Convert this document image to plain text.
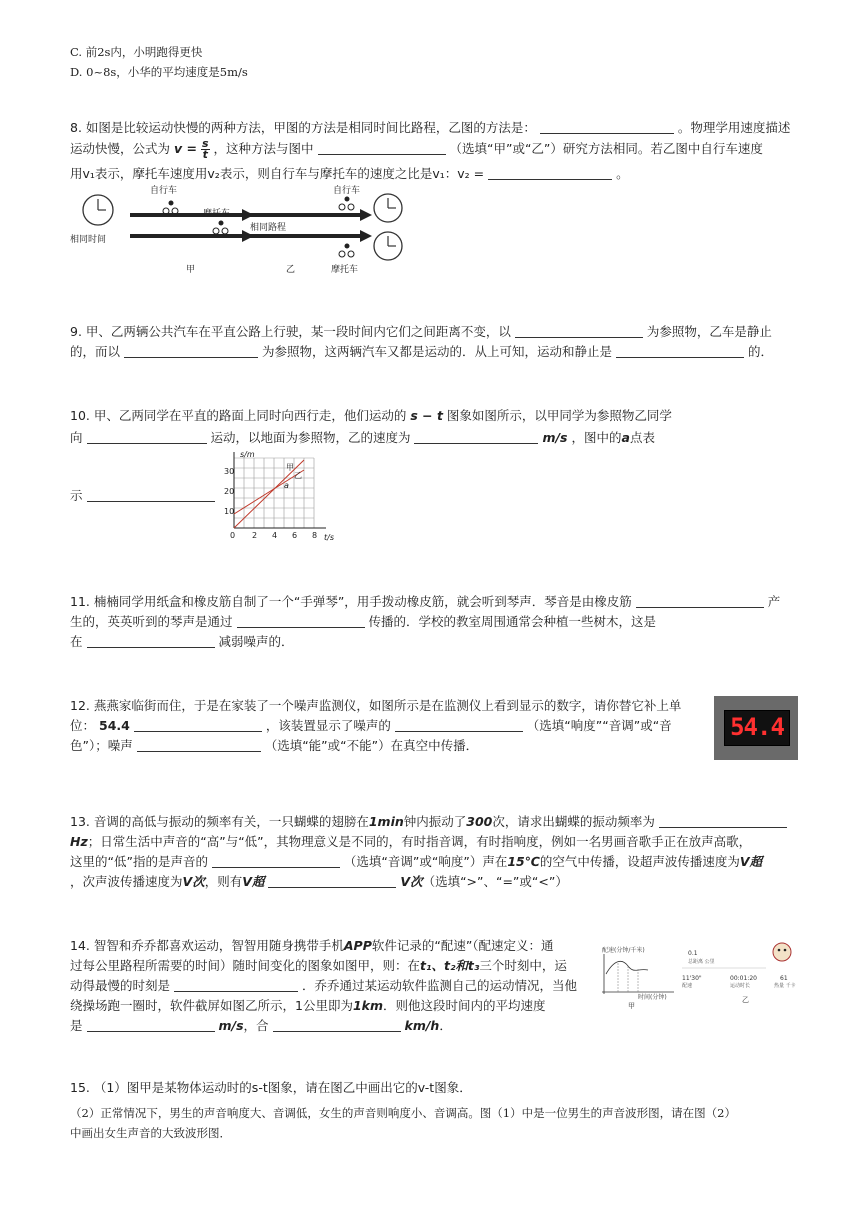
C. 前2s内，小明跑得更快
D. 0~8s，小华的平均速度是5m/s
8. 如图是比较运动快慢的两种方法，甲图的方法是相同时间比路程，乙图的方法是：	。物理学用速度描述
运动快慢，公式为 $v = \frac{s}{t}$ ，这种方法与图中	（选填“甲”或“乙”）研究方法相同。若乙图中自行车速度
用v₁表示，摩托车速度用v₂表示，则自行车与摩托车的速度之比是v₁：v₂ =	。
自行车
摩托车
相同时间
相同路程
自行车
摩托车
甲	乙
9. 甲、乙两辆公共汽车在平直公路上行驶，某一段时间内它们之间距离不变，以	为参照物，乙车是静止
的，而以	为参照物，这两辆汽车又都是运动的．从上可知，运动和静止是	的．
10. 甲、乙两同学在平直的路面上同时向西行走，他们运动的 s − t 图象如图所示，以甲同学为参照物乙同学
向	运动，以地面为参照物，乙的速度为	m/s ，图中的a点表
示
10
20
30
0 2 4 6 8
s/m
t/s
甲
乙
a
11. 楠楠同学用纸盒和橡皮筋自制了一个“手弹琴”，用手拨动橡皮筋，就会听到琴声．琴音是由橡皮筋	产
生的，英英听到的琴声是通过	传播的．学校的教室周围通常会种植一些树木，这是
在	减弱噪声的．
12. 燕燕家临街而住，于是在家装了一个噪声监测仪，如图所示是在监测仪上看到显示的数字，请你替它补上单
位： 54.4	，该装置显示了噪声的	（选填“响度”“音调”或“音
色”）；噪声	（选填“能”或“不能”）在真空中传播．
54.4
13. 音调的高低与振动的频率有关，一只蝴蝶的翅膀在1min钟内振动了300次，请求出蝴蝶的振动频率为
Hz；日常生活中声音的“高”与“低”，其物理意义是不同的，有时指音调，有时指响度，例如一名男画音歌手正在放声高歌，
这里的“低”指的是声音的	（选填“音调”或“响度”）声在15℃的空气中传播，设超声波传播速度为V超
，次声波传播速度为V次，则有V超	V次（选填“>”、“=”或“<”）
14. 智智和乔乔都喜欢运动，智智用随身携带手机APP软件记录的“配速”（配速定义：通
过每公里路程所需要的时间）随时间变化的图象如图甲，则：在t₁、t₂和t₃三个时刻中，运
动得最慢的时刻是	．乔乔通过某运动软件监测自己的运动情况，当他
绕操场跑一圈时，软件截屏如图乙所示，1公里即为1km．则他这段时间内的平均速度
是	m/s，合	km/h．
配速(分钟/千米)
时间(分钟)
甲
0.1
总距离 公里
11'30"
配速
00:01:20
运动时长
乙
61
热量 千卡
15. （1）图甲是某物体运动时的s-t图象，请在图乙中画出它的v-t图象．
（2）正常情况下，男生的声音响度大、音调低，女生的声音则响度小、音调高。图（1）中是一位男生的声音波形图，请在图（2）
中画出女生声音的大致波形图．
